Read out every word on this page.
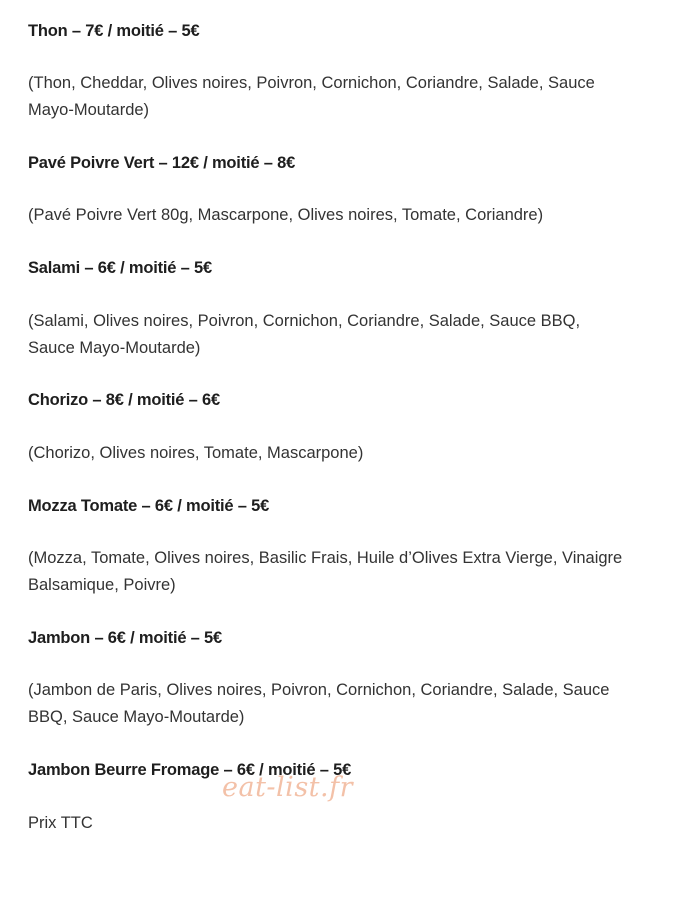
Thon – 7€ / moitié – 5€

(Thon, Cheddar, Olives noires, Poivron, Cornichon, Coriandre, Salade, Sauce Mayo-Moutarde)

Pavé Poivre Vert – 12€ / moitié – 8€

(Pavé Poivre Vert 80g, Mascarpone, Olives noires, Tomate, Coriandre)

Salami – 6€ / moitié – 5€

(Salami, Olives noires, Poivron, Cornichon, Coriandre, Salade, Sauce BBQ, Sauce Mayo-Moutarde)

Chorizo – 8€ / moitié – 6€

(Chorizo, Olives noires, Tomate, Mascarpone)

Mozza Tomate – 6€ / moitié – 5€

(Mozza, Tomate, Olives noires, Basilic Frais, Huile d’Olives Extra Vierge, Vinaigre Balsamique, Poivre)

Jambon – 6€ / moitié – 5€

(Jambon de Paris, Olives noires, Poivron, Cornichon, Coriandre, Salade, Sauce BBQ, Sauce Mayo-Moutarde)

Jambon Beurre Fromage – 6€ / moitié – 5€

Prix TTC

eat-list.fr
